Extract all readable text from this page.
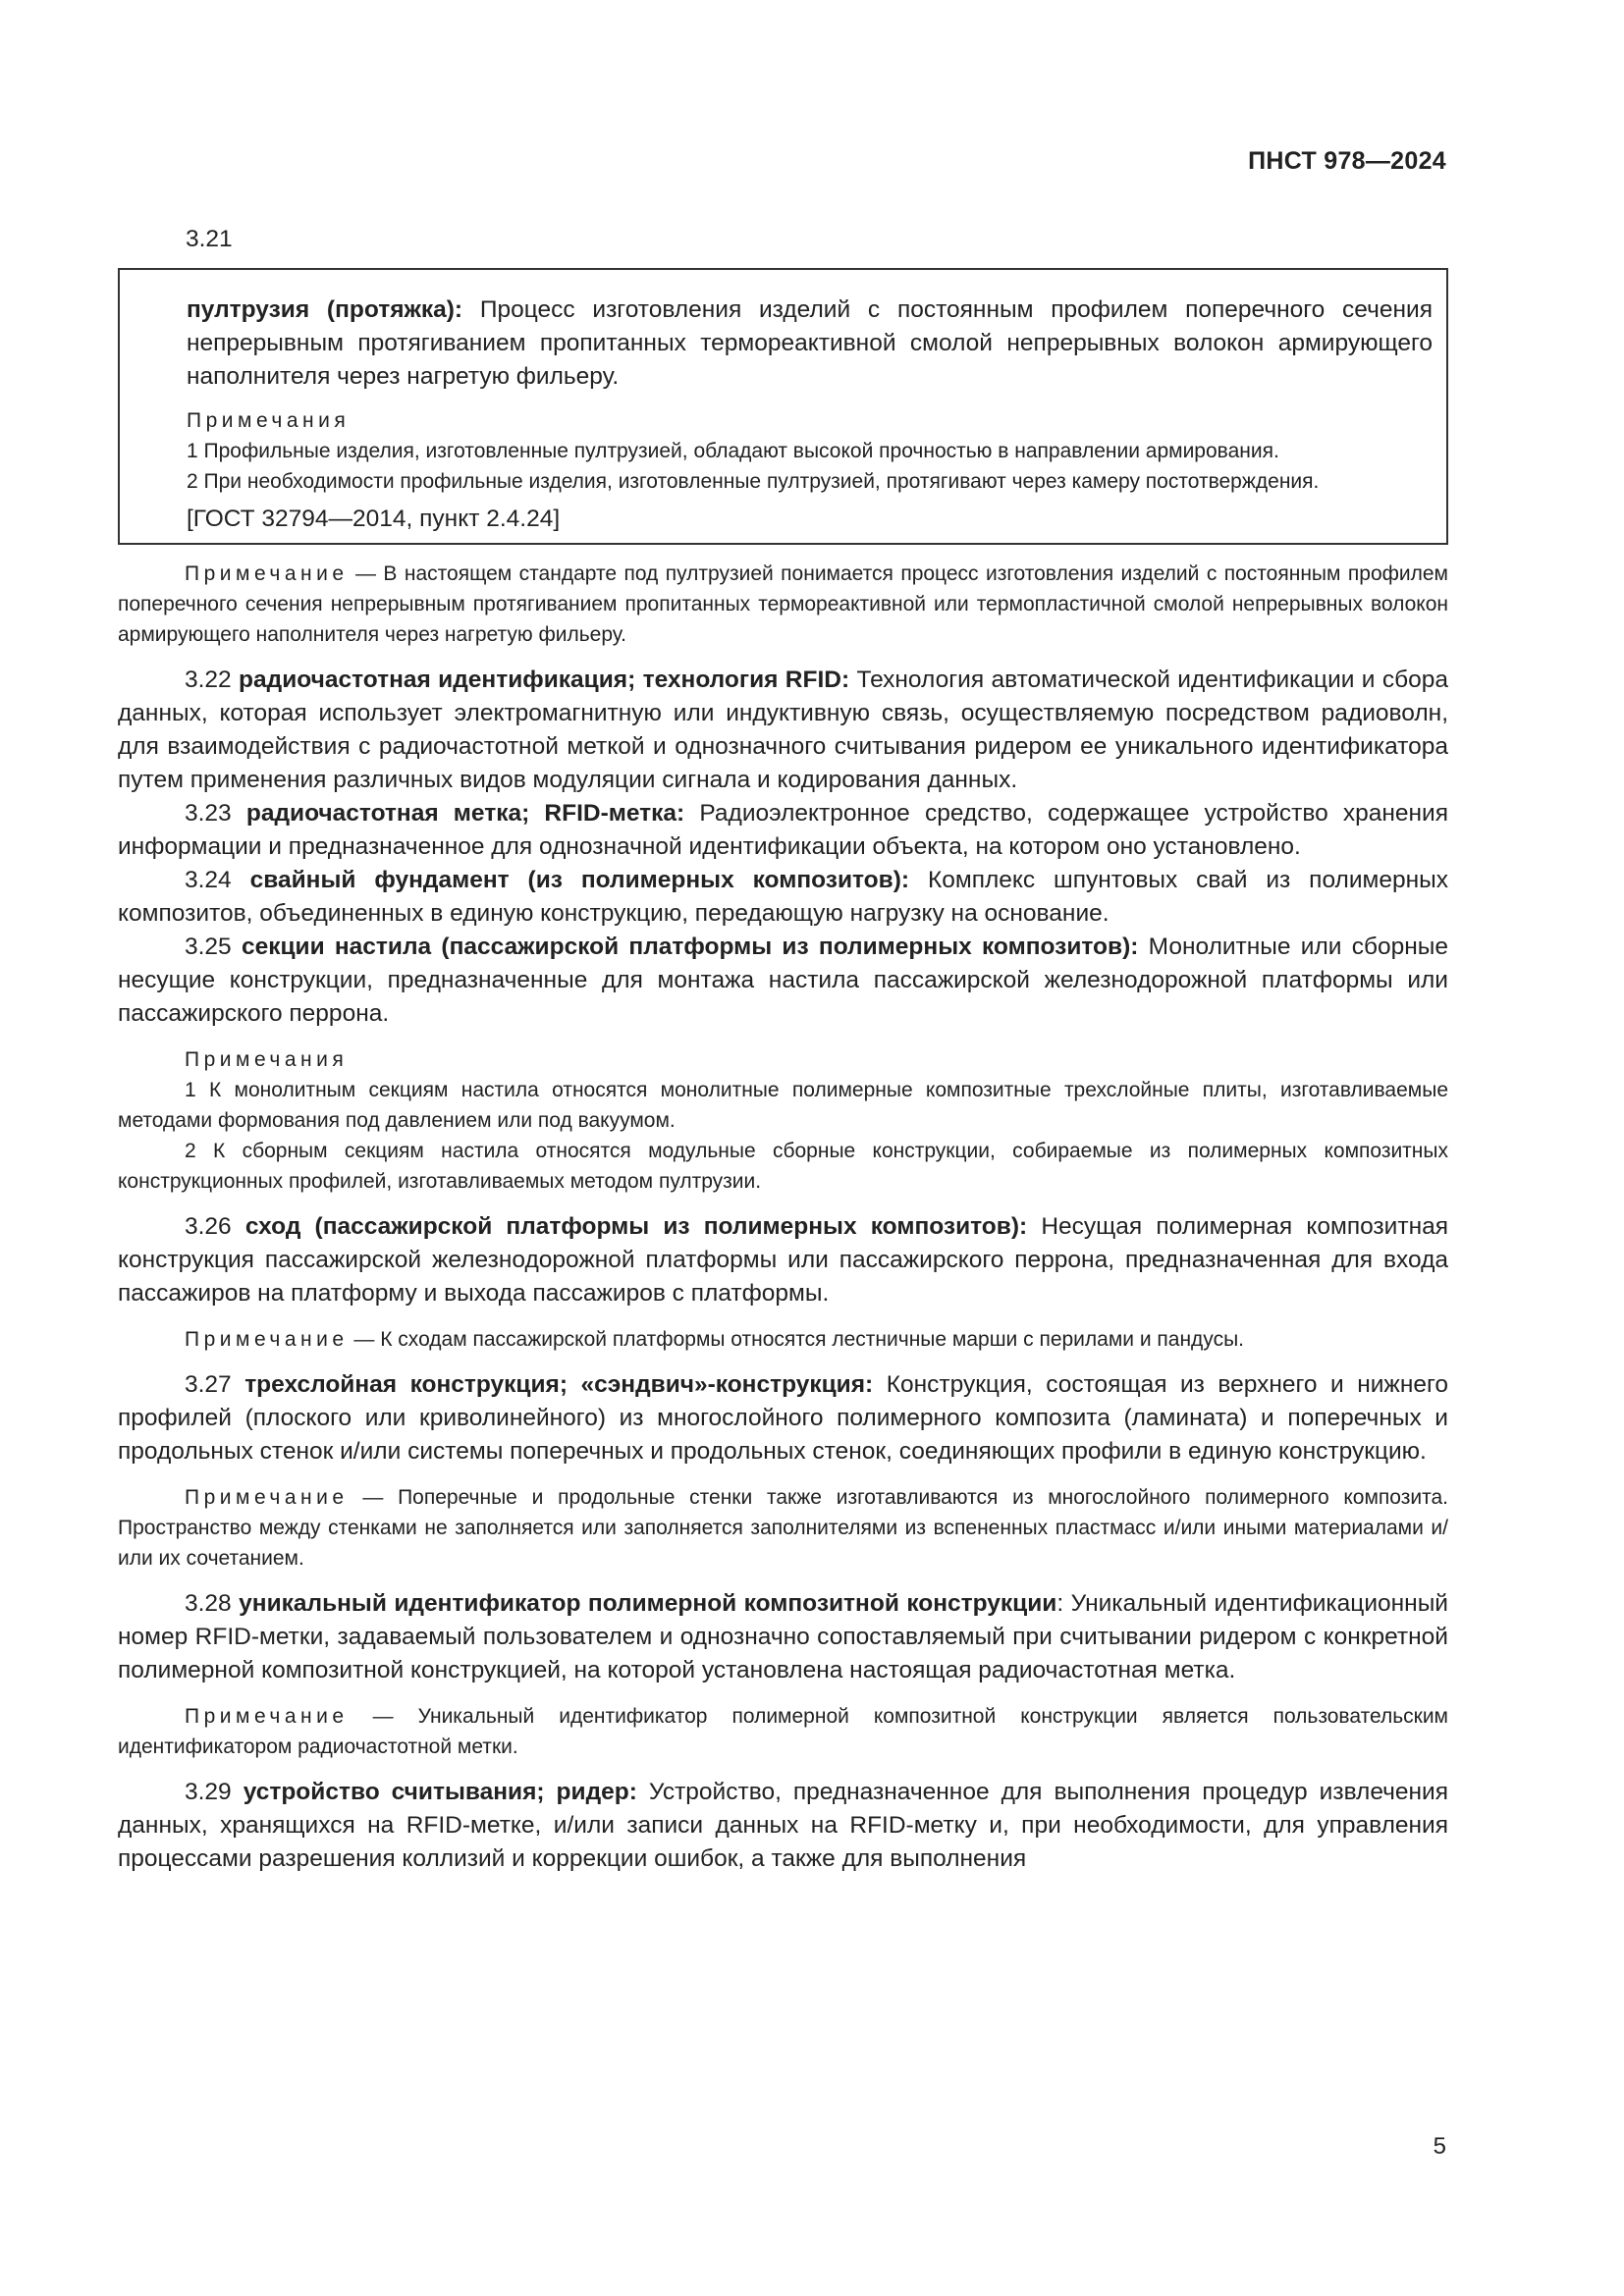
ПНСТ 978—2024
3.21

пултрузия (протяжка): Процесс изготовления изделий с постоянным профилем поперечного сечения непрерывным протягиванием пропитанных термореактивной смолой непрерывных волокон армирующего наполнителя через нагретую фильеру.

Примечания

1 Профильные изделия, изготовленные пултрузией, обладают высокой прочностью в направлении армирования.

2 При необходимости профильные изделия, изготовленные пултрузией, протягивают через камеру постотверждения.

[ГОСТ 32794—2014, пункт 2.4.24]

Примечание — В настоящем стандарте под пултрузией понимается процесс изготовления изделий с постоянным профилем поперечного сечения непрерывным протягиванием пропитанных термореактивной или термопластичной смолой непрерывных волокон армирующего наполнителя через нагретую фильеру.

3.22 радиочастотная идентификация; технология RFID: Технология автоматической идентификации и сбора данных, которая использует электромагнитную или индуктивную связь, осуществляемую посредством радиоволн, для взаимодействия с радиочастотной меткой и однозначного считывания ридером ее уникального идентификатора путем применения различных видов модуляции сигнала и кодирования данных.

3.23 радиочастотная метка; RFID-метка: Радиоэлектронное средство, содержащее устройство хранения информации и предназначенное для однозначной идентификации объекта, на котором оно установлено.

3.24 свайный фундамент (из полимерных композитов): Комплекс шпунтовых свай из полимерных композитов, объединенных в единую конструкцию, передающую нагрузку на основание.

3.25 секции настила (пассажирской платформы из полимерных композитов): Монолитные или сборные несущие конструкции, предназначенные для монтажа настила пассажирской железнодорожной платформы или пассажирского перрона.

Примечания

1 К монолитным секциям настила относятся монолитные полимерные композитные трехслойные плиты, изготавливаемые методами формования под давлением или под вакуумом.

2 К сборным секциям настила относятся модульные сборные конструкции, собираемые из полимерных композитных конструкционных профилей, изготавливаемых методом пултрузии.

3.26 сход (пассажирской платформы из полимерных композитов): Несущая полимерная композитная конструкция пассажирской железнодорожной платформы или пассажирского перрона, предназначенная для входа пассажиров на платформу и выхода пассажиров с платформы.

Примечание — К сходам пассажирской платформы относятся лестничные марши с перилами и пандусы.

3.27 трехслойная конструкция; «сэндвич»-конструкция: Конструкция, состоящая из верхнего и нижнего профилей (плоского или криволинейного) из многослойного полимерного композита (ламината) и поперечных и продольных стенок и/или системы поперечных и продольных стенок, соединяющих профили в единую конструкцию.

Примечание — Поперечные и продольные стенки также изготавливаются из многослойного полимерного композита. Пространство между стенками не заполняется или заполняется заполнителями из вспененных пластмасс и/или иными материалами и/или их сочетанием.

3.28 уникальный идентификатор полимерной композитной конструкции: Уникальный идентификационный номер RFID-метки, задаваемый пользователем и однозначно сопоставляемый при считывании ридером с конкретной полимерной композитной конструкцией, на которой установлена настоящая радиочастотная метка.

Примечание — Уникальный идентификатор полимерной композитной конструкции является пользовательским идентификатором радиочастотной метки.

3.29 устройство считывания; ридер: Устройство, предназначенное для выполнения процедур извлечения данных, хранящихся на RFID-метке, и/или записи данных на RFID-метку и, при необходимости, для управления процессами разрешения коллизий и коррекции ошибок, а также для выполнения

5
